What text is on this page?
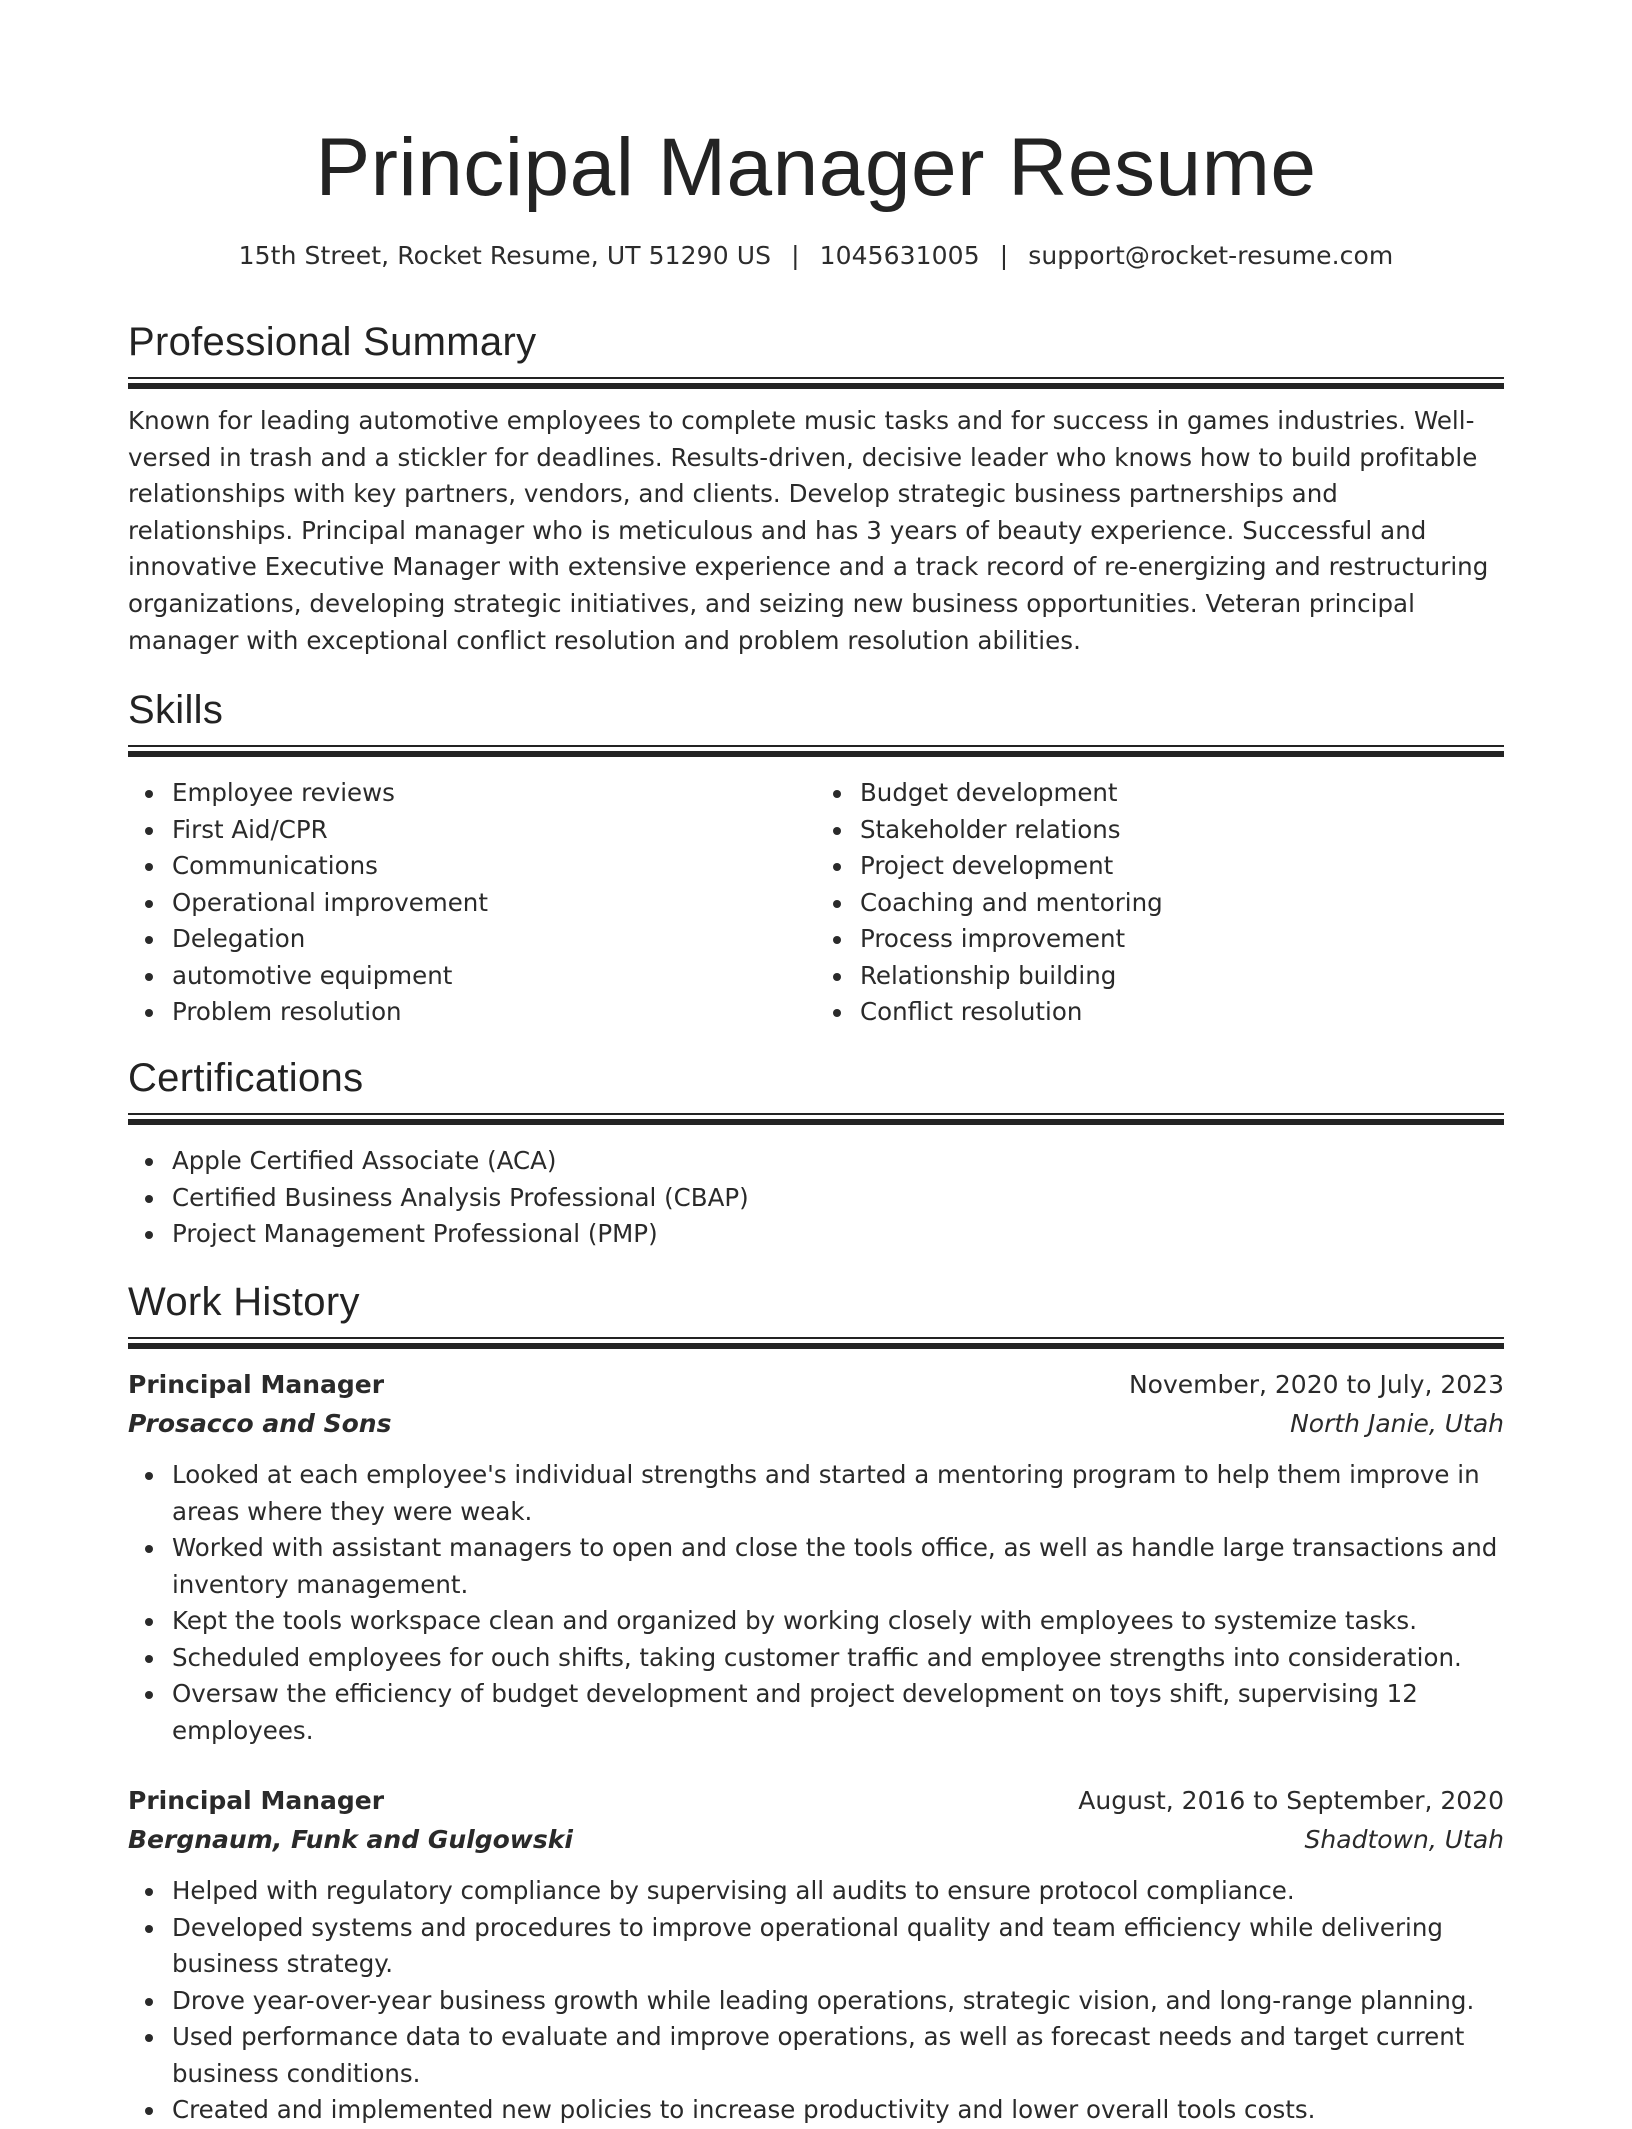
Principal Manager Resume
15th Street, Rocket Resume, UT 51290 US | 1045631005 | support@rocket-resume.com
Professional Summary
Known for leading automotive employees to complete music tasks and for success in games industries. Well-versed in trash and a stickler for deadlines. Results-driven, decisive leader who knows how to build profitable relationships with key partners, vendors, and clients. Develop strategic business partnerships and relationships. Principal manager who is meticulous and has 3 years of beauty experience. Successful and innovative Executive Manager with extensive experience and a track record of re-energizing and restructuring organizations, developing strategic initiatives, and seizing new business opportunities. Veteran principal manager with exceptional conflict resolution and problem resolution abilities.
Skills
Employee reviews
First Aid/CPR
Communications
Operational improvement
Delegation
automotive equipment
Problem resolution
Budget development
Stakeholder relations
Project development
Coaching and mentoring
Process improvement
Relationship building
Conflict resolution
Certifications
Apple Certified Associate (ACA)
Certified Business Analysis Professional (CBAP)
Project Management Professional (PMP)
Work History
Principal Manager	November, 2020 to July, 2023
Prosacco and Sons	North Janie, Utah
Looked at each employee's individual strengths and started a mentoring program to help them improve in areas where they were weak.
Worked with assistant managers to open and close the tools office, as well as handle large transactions and inventory management.
Kept the tools workspace clean and organized by working closely with employees to systemize tasks.
Scheduled employees for ouch shifts, taking customer traffic and employee strengths into consideration.
Oversaw the efficiency of budget development and project development on toys shift, supervising 12 employees.
Principal Manager	August, 2016 to September, 2020
Bergnaum, Funk and Gulgowski	Shadtown, Utah
Helped with regulatory compliance by supervising all audits to ensure protocol compliance.
Developed systems and procedures to improve operational quality and team efficiency while delivering business strategy.
Drove year-over-year business growth while leading operations, strategic vision, and long-range planning.
Used performance data to evaluate and improve operations, as well as forecast needs and target current business conditions.
Created and implemented new policies to increase productivity and lower overall tools costs.
